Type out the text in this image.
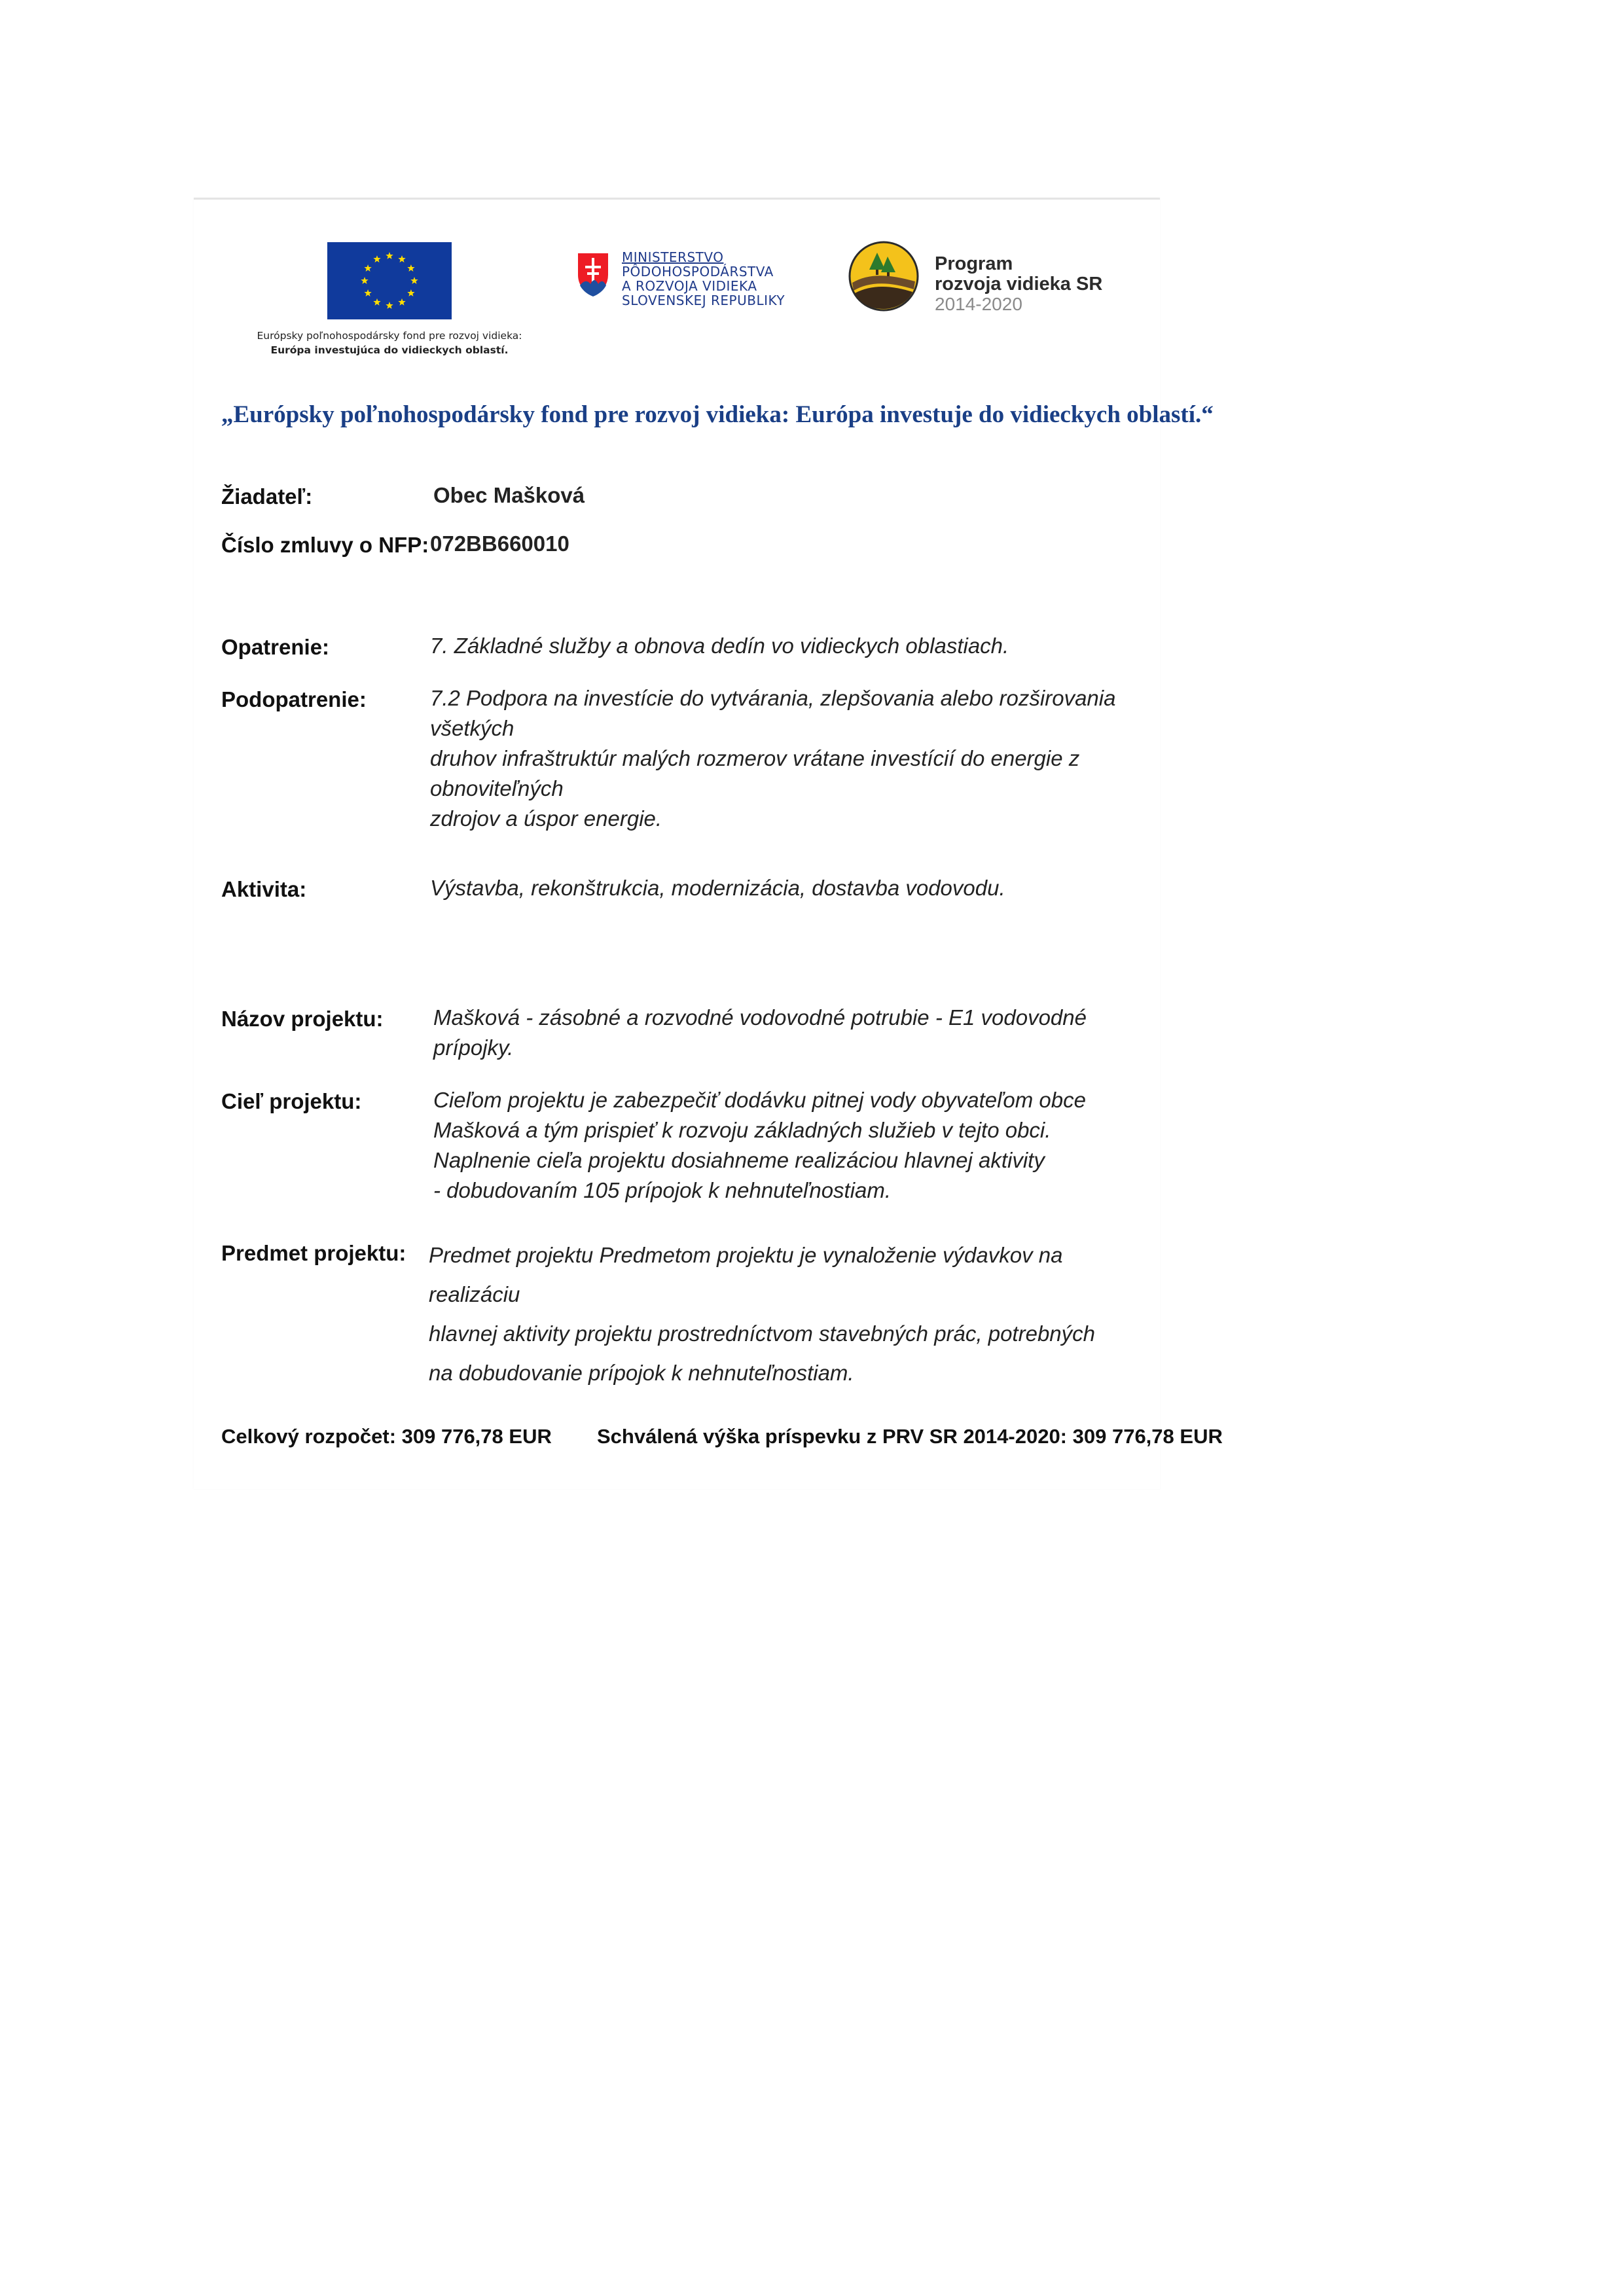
Európsky poľnohospodársky fond pre rozvoj vidieka:
Európa investujúca do vidieckych oblastí.
MINISTERSTVO
PÔDOHOSPODÁRSTVA
A ROZVOJA VIDIEKA
SLOVENSKEJ REPUBLIKY
Program
rozvoja vidieka SR
2014-2020
„Európsky poľnohospodársky fond pre rozvoj vidieka: Európa investuje do vidieckych oblastí.“
Žiadateľ:	Obec Mašková
Číslo zmluvy o NFP: 072BB660010
Opatrenie:	7. Základné služby a obnova dedín vo vidieckych oblastiach.
Podopatrenie:	7.2 Podpora na investície do vytvárania, zlepšovania alebo rozširovania všetkých
druhov infraštruktúr malých rozmerov vrátane investícií do energie z obnoviteľných
zdrojov a úspor energie.
Aktivita:	Výstavba, rekonštrukcia, modernizácia, dostavba vodovodu.
Názov projektu: Mašková - zásobné a rozvodné vodovodné potrubie - E1 vodovodné prípojky.
Cieľ projektu:	Cieľom projektu je zabezpečiť dodávku pitnej vody obyvateľom obce
Mašková a tým prispieť k rozvoju základných služieb v tejto obci.
Naplnenie cieľa projektu dosiahneme realizáciou hlavnej aktivity
- dobudovaním 105 prípojok k nehnuteľnostiam.
Predmet projektu: Predmet projektu Predmetom projektu je vynaloženie výdavkov na realizáciu
hlavnej aktivity projektu prostredníctvom stavebných prác, potrebných
na dobudovanie prípojok k nehnuteľnostiam.
Celkový rozpočet: 309 776,78 EUR Schválená výška príspevku z PRV SR 2014-2020: 309 776,78 EUR
